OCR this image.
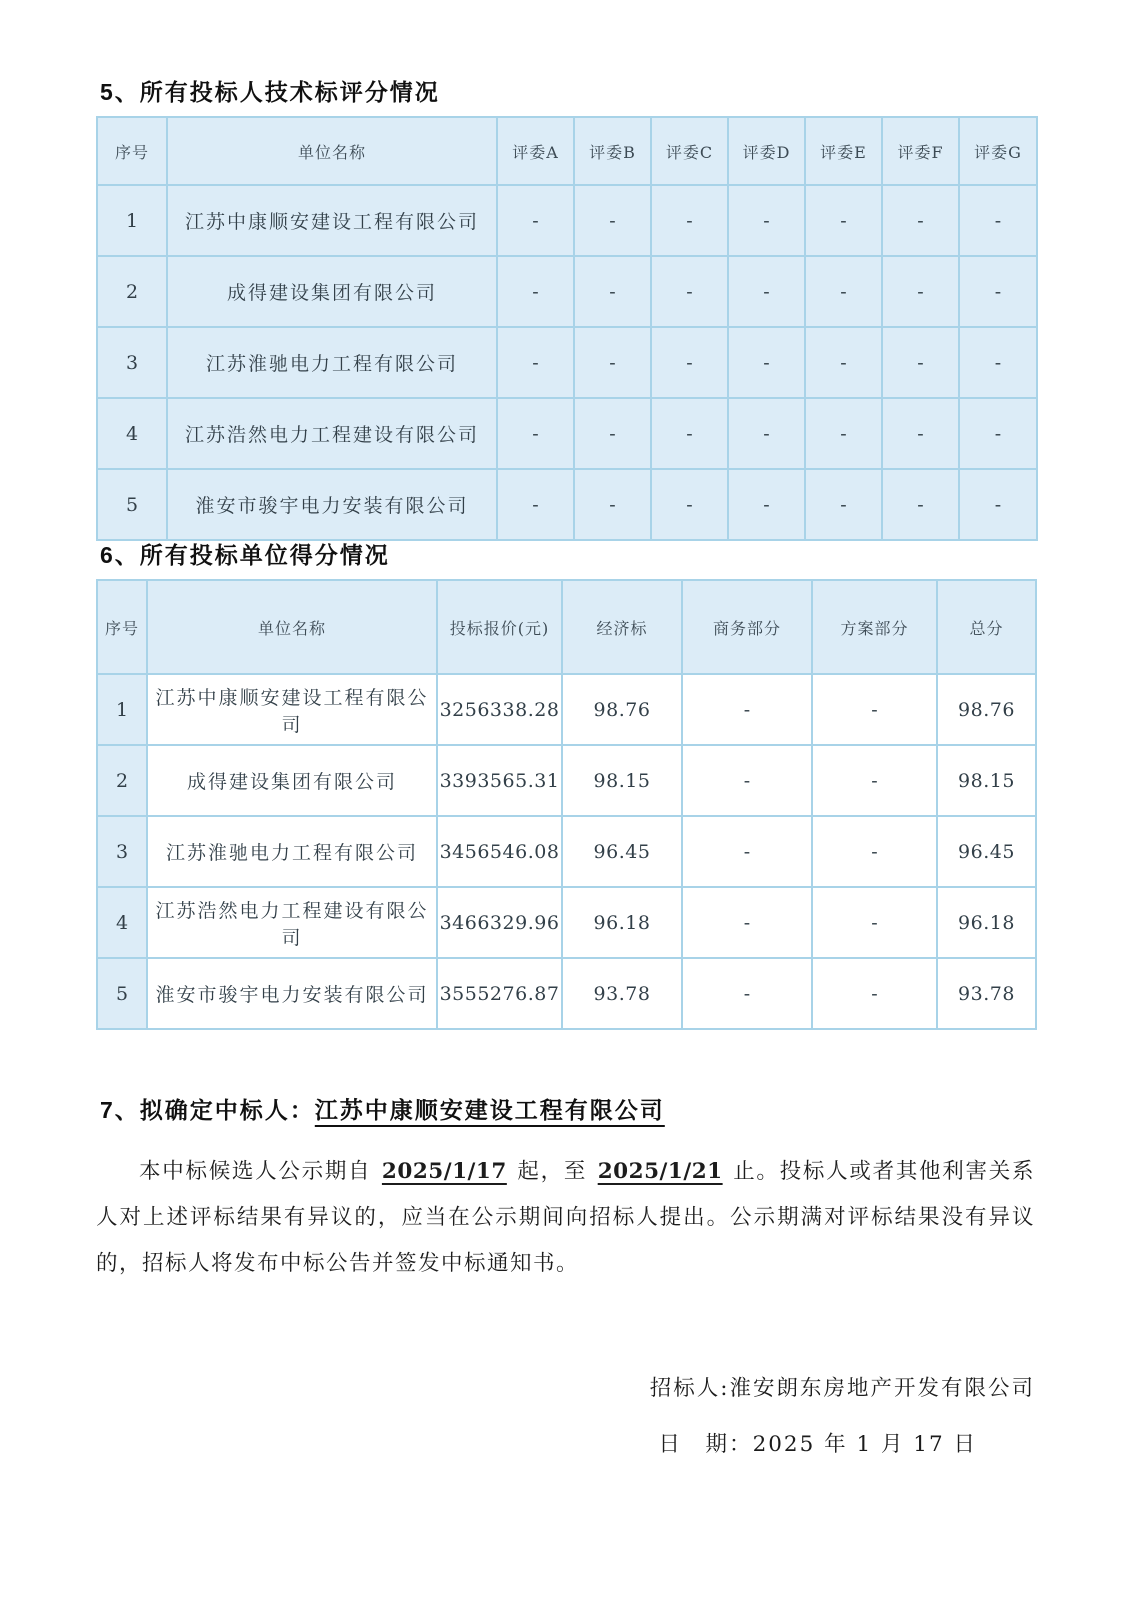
5、所有投标人技术标评分情况
序号	单位名称	评委A	评委B	评委C	评委D	评委E	评委F	评委G
1	江苏中康顺安建设工程有限公司	-	-	-	-	-	-	-
2	成得建设集团有限公司	-	-	-	-	-	-	-
3	江苏淮驰电力工程有限公司	-	-	-	-	-	-	-
4	江苏浩然电力工程建设有限公司	-	-	-	-	-	-	-
5	淮安市骏宇电力安装有限公司	-	-	-	-	-	-	-
6、所有投标单位得分情况
序号	单位名称	投标报价(元)	经济标	商务部分	方案部分	总分
1	江苏中康顺安建设工程有限公司	3256338.28	98.76	-	-	98.76
2	成得建设集团有限公司	3393565.31	98.15	-	-	98.15
3	江苏淮驰电力工程有限公司	3456546.08	96.45	-	-	96.45
4	江苏浩然电力工程建设有限公司	3466329.96	96.18	-	-	96.18
5	淮安市骏宇电力安装有限公司	3555276.87	93.78	-	-	93.78
7、拟确定中标人：江苏中康顺安建设工程有限公司

本中标候选人公示期自 2025/1/17 起，至 2025/1/21 止。投标人或者其他利害关系人对上述评标结果有异议的，应当在公示期间向招标人提出。公示期满对评标结果没有异议的，招标人将发布中标公告并签发中标通知书。

招标人:淮安朗东房地产开发有限公司
日　期：2025 年 1 月 17 日
